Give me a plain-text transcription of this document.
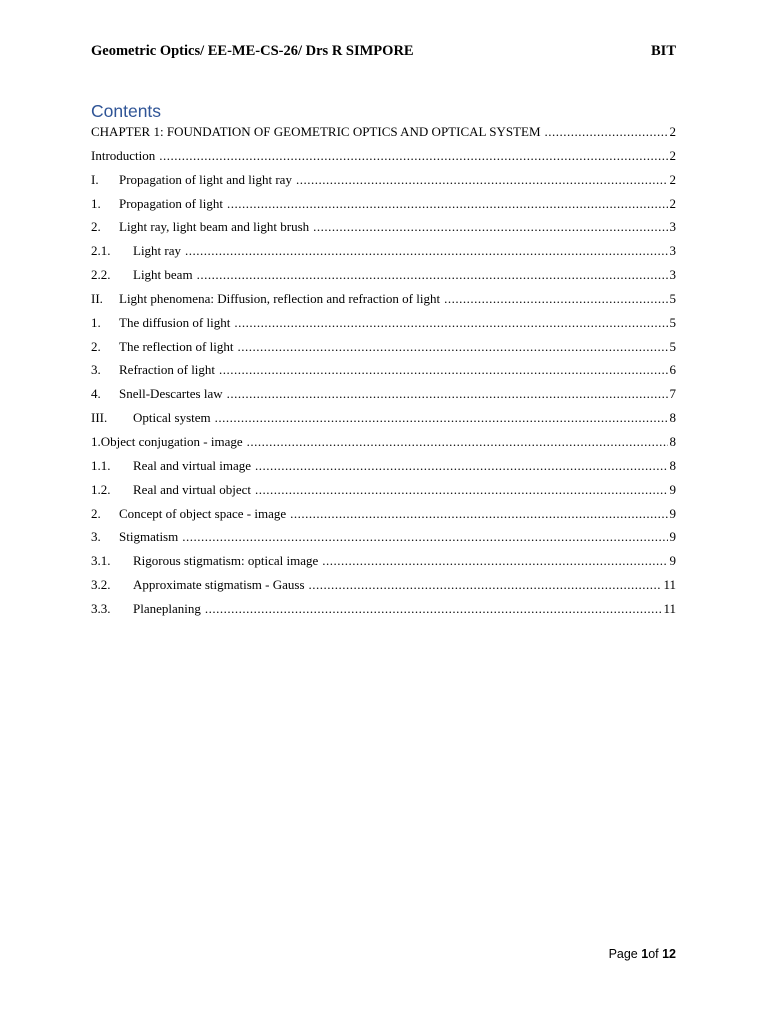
Geometric Optics/ EE-ME-CS-26/ Drs R SIMPORE	BIT
Contents
CHAPTER 1: FOUNDATION OF GEOMETRIC OPTICS AND OPTICAL SYSTEM .....	2
Introduction .....	2
I.	Propagation of light and light ray .....	2
1.	Propagation of light .....	2
2.	Light ray, light beam and light brush .....	3
2.1.	Light ray .....	3
2.2.	Light beam .....	3
II.	Light phenomena: Diffusion, reflection and refraction of light .....	5
1.	The diffusion of light .....	5
2.	The reflection of light .....	5
3.	Refraction of light .....	6
4.	Snell-Descartes law .....	7
III.	Optical system .....	8
1.Object conjugation - image .....	8
1.1.	Real and virtual image .....	8
1.2.	Real and virtual object .....	9
2.	Concept of object space - image .....	9
3.	Stigmatism .....	9
3.1.	Rigorous stigmatism: optical image .....	9
3.2.	Approximate stigmatism - Gauss .....	11
3.3.	Planeplaning .....	11
Page 1of 12
